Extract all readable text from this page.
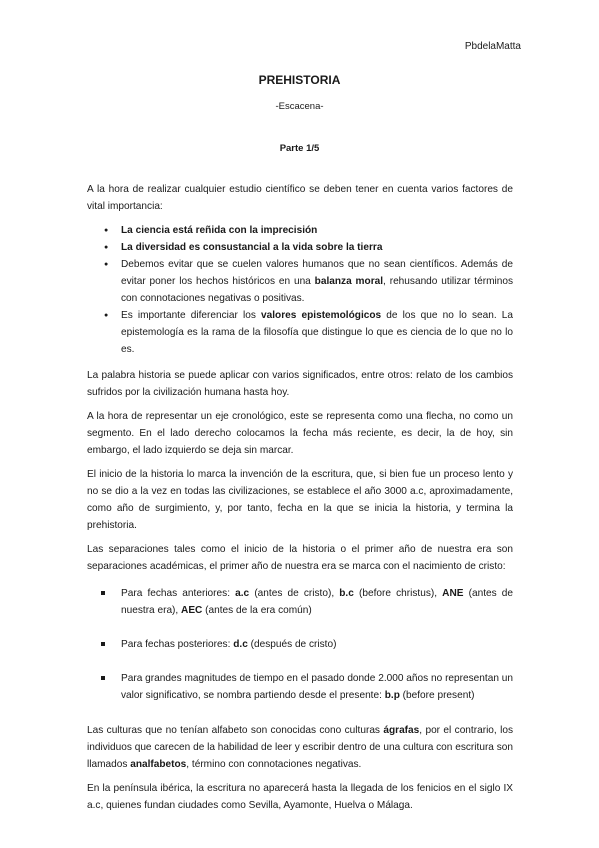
PbdelaMatta
PREHISTORIA
-Escacena-
Parte 1/5

A la hora de realizar cualquier estudio científico se deben tener en cuenta varios factores de vital importancia:

● La ciencia está reñida con la imprecisión
● La diversidad es consustancial a la vida sobre la tierra
● Debemos evitar que se cuelen valores humanos que no sean científicos. Además de evitar poner los hechos históricos en una balanza moral, rehusando utilizar términos con connotaciones negativas o positivas.
● Es importante diferenciar los valores epistemológicos de los que no lo sean. La epistemología es la rama de la filosofía que distingue lo que es ciencia de lo que no lo es.

La palabra historia se puede aplicar con varios significados, entre otros: relato de los cambios sufridos por la civilización humana hasta hoy.

A la hora de representar un eje cronológico, este se representa como una flecha, no como un segmento. En el lado derecho colocamos la fecha más reciente, es decir, la de hoy, sin embargo, el lado izquierdo se deja sin marcar.

El inicio de la historia lo marca la invención de la escritura, que, si bien fue un proceso lento y no se dio a la vez en todas las civilizaciones, se establece el año 3000 a.c, aproximadamente, como año de surgimiento, y, por tanto, fecha en la que se inicia la historia, y termina la prehistoria.

Las separaciones tales como el inicio de la historia o el primer año de nuestra era son separaciones académicas, el primer año de nuestra era se marca con el nacimiento de cristo:

Para fechas anteriores: a.c (antes de cristo), b.c (before christus), ANE (antes de nuestra era), AEC (antes de la era común)
Para fechas posteriores: d.c (después de cristo)
Para grandes magnitudes de tiempo en el pasado donde 2.000 años no representan un valor significativo, se nombra partiendo desde el presente: b.p (before present)

Las culturas que no tenían alfabeto son conocidas cono culturas ágrafas, por el contrario, los individuos que carecen de la habilidad de leer y escribir dentro de una cultura con escritura son llamados analfabetos, término con connotaciones negativas.

En la península ibérica, la escritura no aparecerá hasta la llegada de los fenicios en el siglo IX a.c, quienes fundan ciudades como Sevilla, Ayamonte, Huelva o Málaga.
